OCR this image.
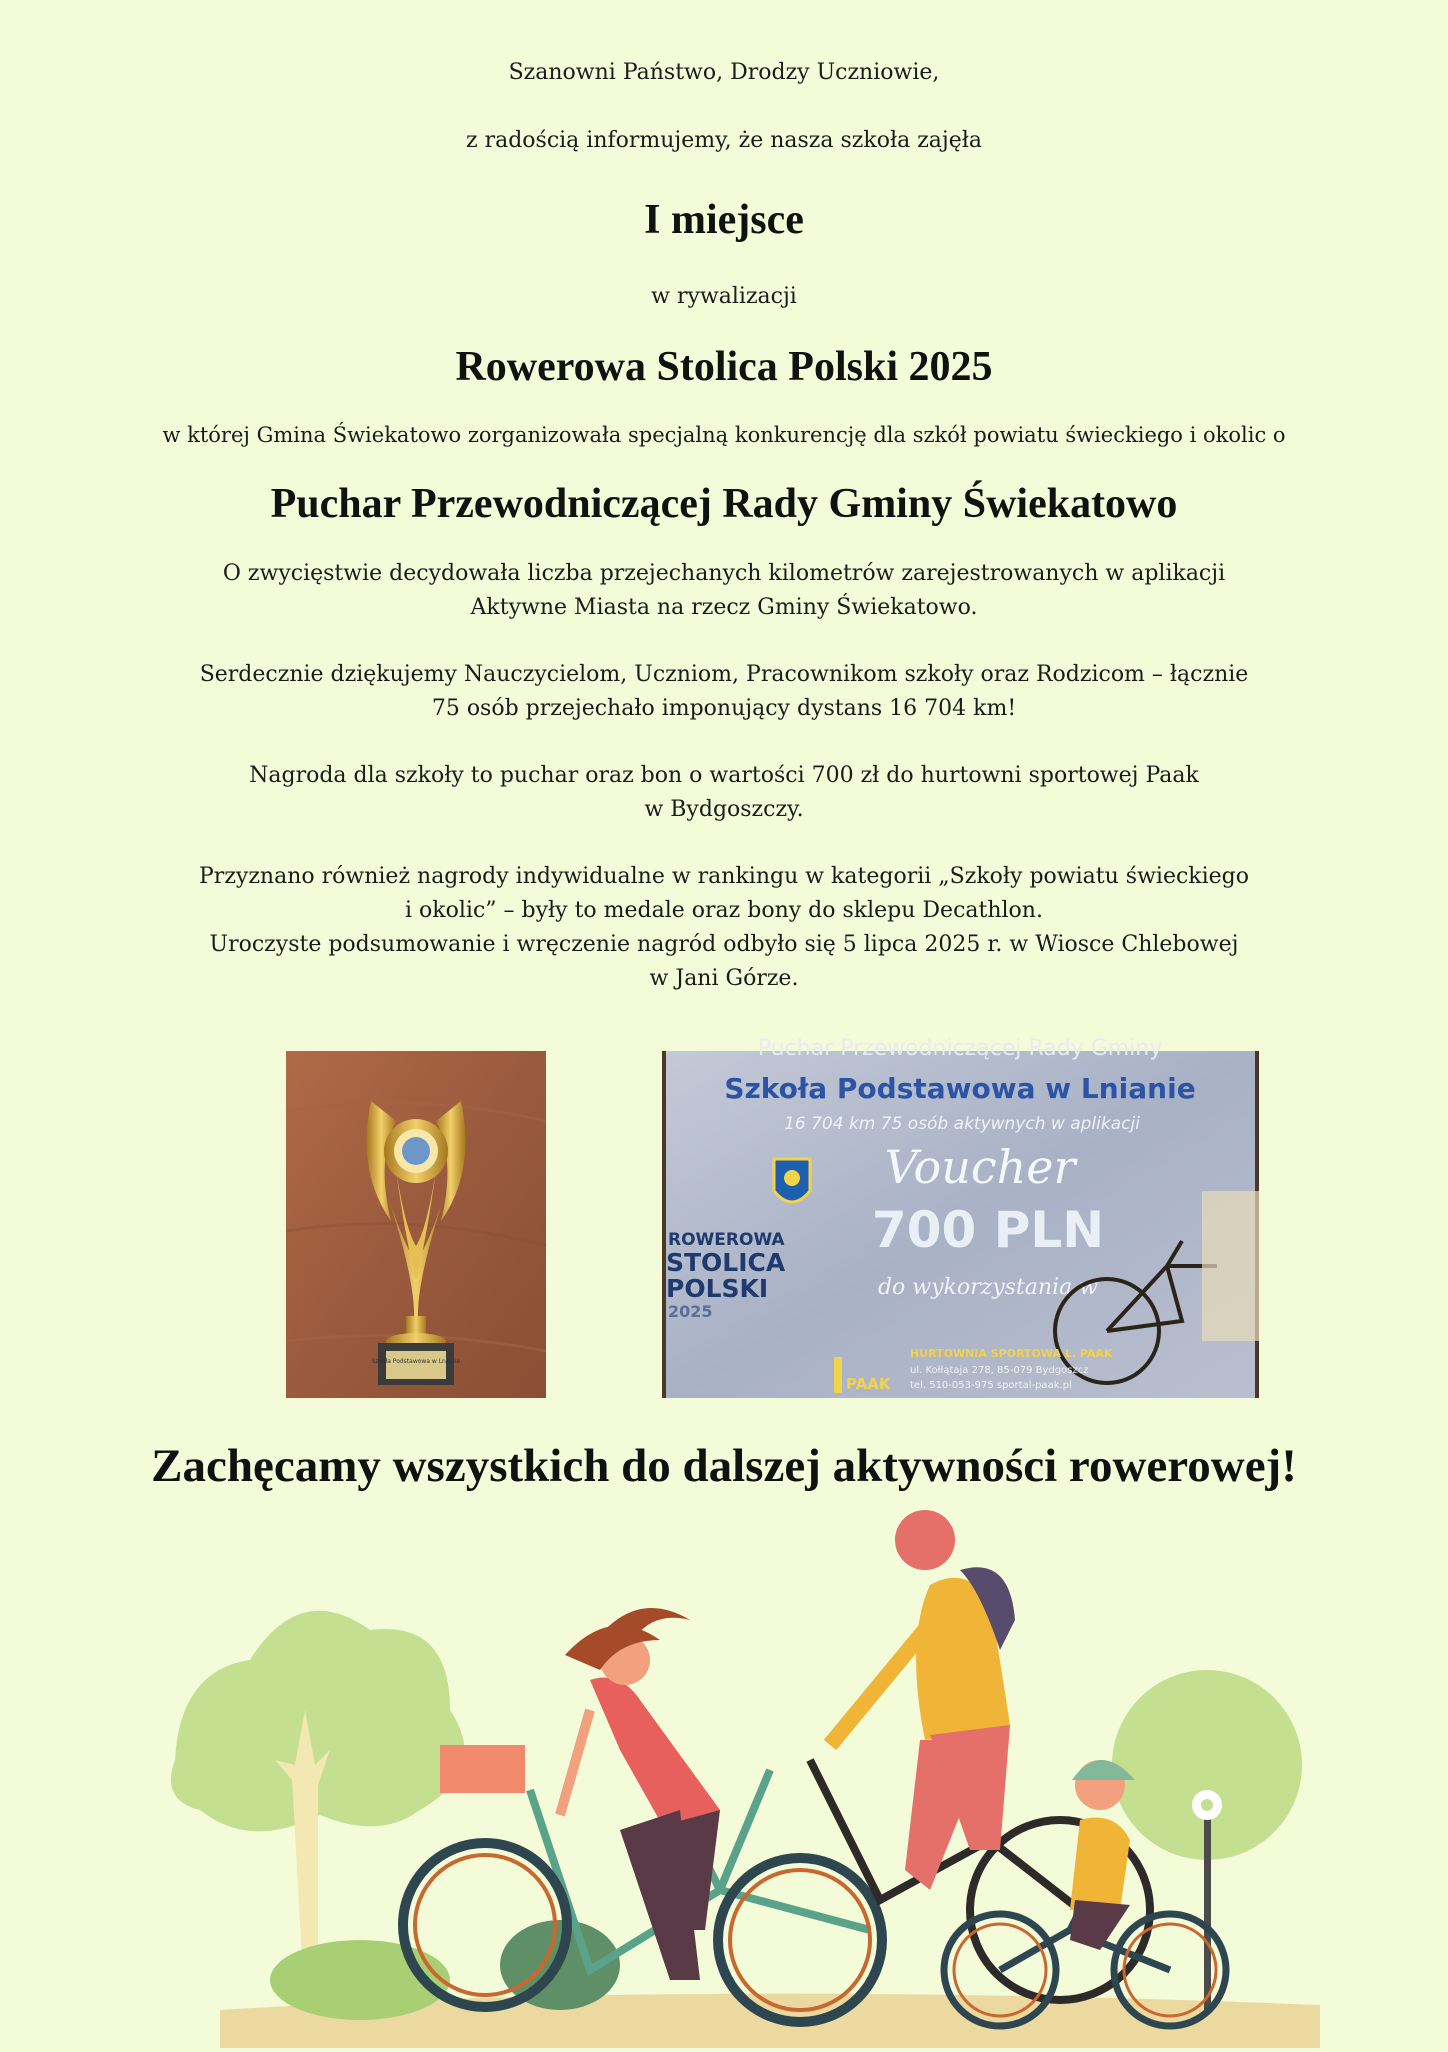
Szanowni Państwo, Drodzy Uczniowie,
z radością informujemy, że nasza szkoła zajęła
I miejsce
w rywalizacji
Rowerowa Stolica Polski 2025
w której Gmina Świekatowo zorganizowała specjalną konkurencję dla szkół powiatu świeckiego i okolic o
Puchar Przewodniczącej Rady Gminy Świekatowo
O zwycięstwie decydowała liczba przejechanych kilometrów zarejestrowanych w aplikacji
Aktywne Miasta na rzecz Gminy Świekatowo.
Serdecznie dziękujemy Nauczycielom, Uczniom, Pracownikom szkoły oraz Rodzicom – łącznie
75 osób przejechało imponujący dystans 16 704 km!
Nagroda dla szkoły to puchar oraz bon o wartości 700 zł do hurtowni sportowej Paak
w Bydgoszczy.
Przyznano również nagrody indywidualne w rankingu w kategorii „Szkoły powiatu świeckiego
i okolic” – były to medale oraz bony do sklepu Decathlon.
Uroczyste podsumowanie i wręczenie nagród odbyło się 5 lipca 2025 r. w Wiosce Chlebowej
w Jani Górze.
Szkoła Podstawowa w Lnianie
Puchar Przewodniczącej Rady Gminy
Szkoła Podstawowa w Lnianie
16 704 km 75 osób aktywnych w aplikacji
Voucher
700 PLN
do wykorzystania w
ROWEROWA
STOLICA
POLSKI
2025
HURTOWNIA SPORTOWA L. PAAK
ul. Kołłątaja 278, 85-079 Bydgoszcz
tel. 510-053-975 sportal-paak.pl
PAAK
Zachęcamy wszystkich do dalszej aktywności rowerowej!
